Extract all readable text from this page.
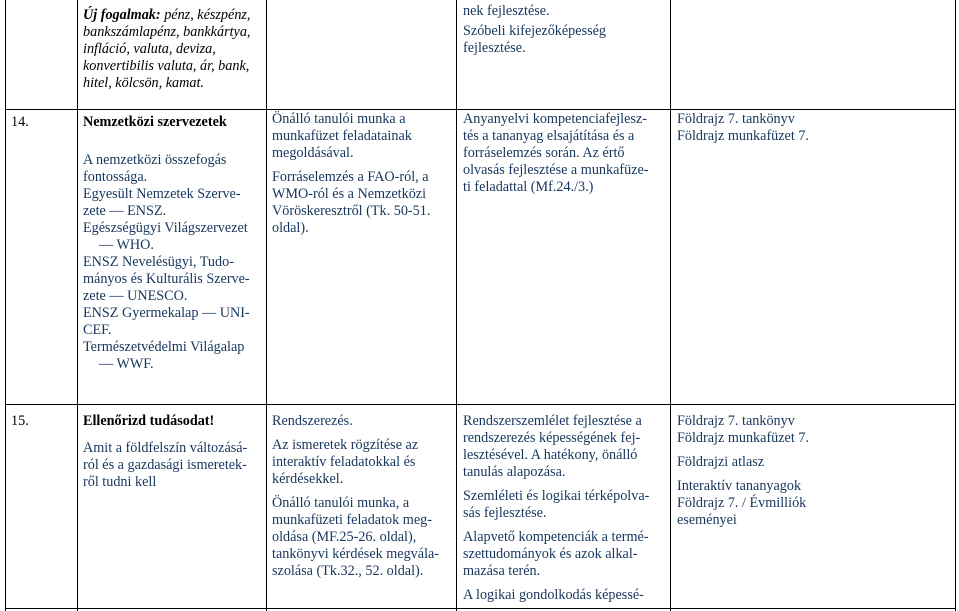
Új fogalmak: pénz, készpénz, bankszámlapénz, bankkártya, infláció, valuta, deviza, konvertibilis valuta, ár, bank, hitel, kölcsön, kamat.

nek fejlesztése.

Szóbeli kifejezőképesség fejlesztése.

14.	Nemzetközi szervezetek

A nemzetközi összefogás

fontossága.

Egyesült Nemzetek Szerve-

zete — ENSZ.

Egészségügyi Világszervezet

— WHO.

ENSZ Nevelésügyi, Tudo-

mányos és Kulturális Szerve-

zete — UNESCO.

ENSZ Gyermekalap — UNI-

CEF.

Természetvédelmi Világalap

— WWF.

Önálló tanulói munka a

munkafüzet feladatainak

megoldásával.

Forráselemzés a FAO-ról, a

WMO-ról és a Nemzetközi

Vöröskeresztről (Tk. 50-51.

oldal).

Anyanyelvi kompetenciafejlesz-

tés a tananyag elsajátítása és a

forráselemzés során. Az értő

olvasás fejlesztése a munkafüze-

ti feladattal (Mf.24./3.)

Földrajz 7. tankönyv

Földrajz munkafüzet 7.

15.	Ellenőrizd tudásodat!

Amit a földfelszín változásá-

ról és a gazdasági ismeretek-

ről tudni kell

Rendszerezés.

Az ismeretek rögzítése az

interaktív feladatokkal és

kérdésekkel.

Önálló tanulói munka, a

munkafüzeti feladatok meg-

oldása (MF.25-26. oldal),

tankönyvi kérdések megvála-

szolása (Tk.32., 52. oldal).

Rendszerszemlélet fejlesztése a

rendszerezés képességének fej-

lesztésével. A hatékony, önálló

tanulás alapozása.

Szemléleti és logikai térképolva-

sás fejlesztése.

Alapvető kompetenciák a termé-

szettudományok és azok alkal-

mazása terén.

A logikai gondolkodás képessé-

Földrajz 7. tankönyv

Földrajz munkafüzet 7.

Földrajzi atlasz

Interaktív tananyagok

Földrajz 7. / Évmilliók

eseményei
